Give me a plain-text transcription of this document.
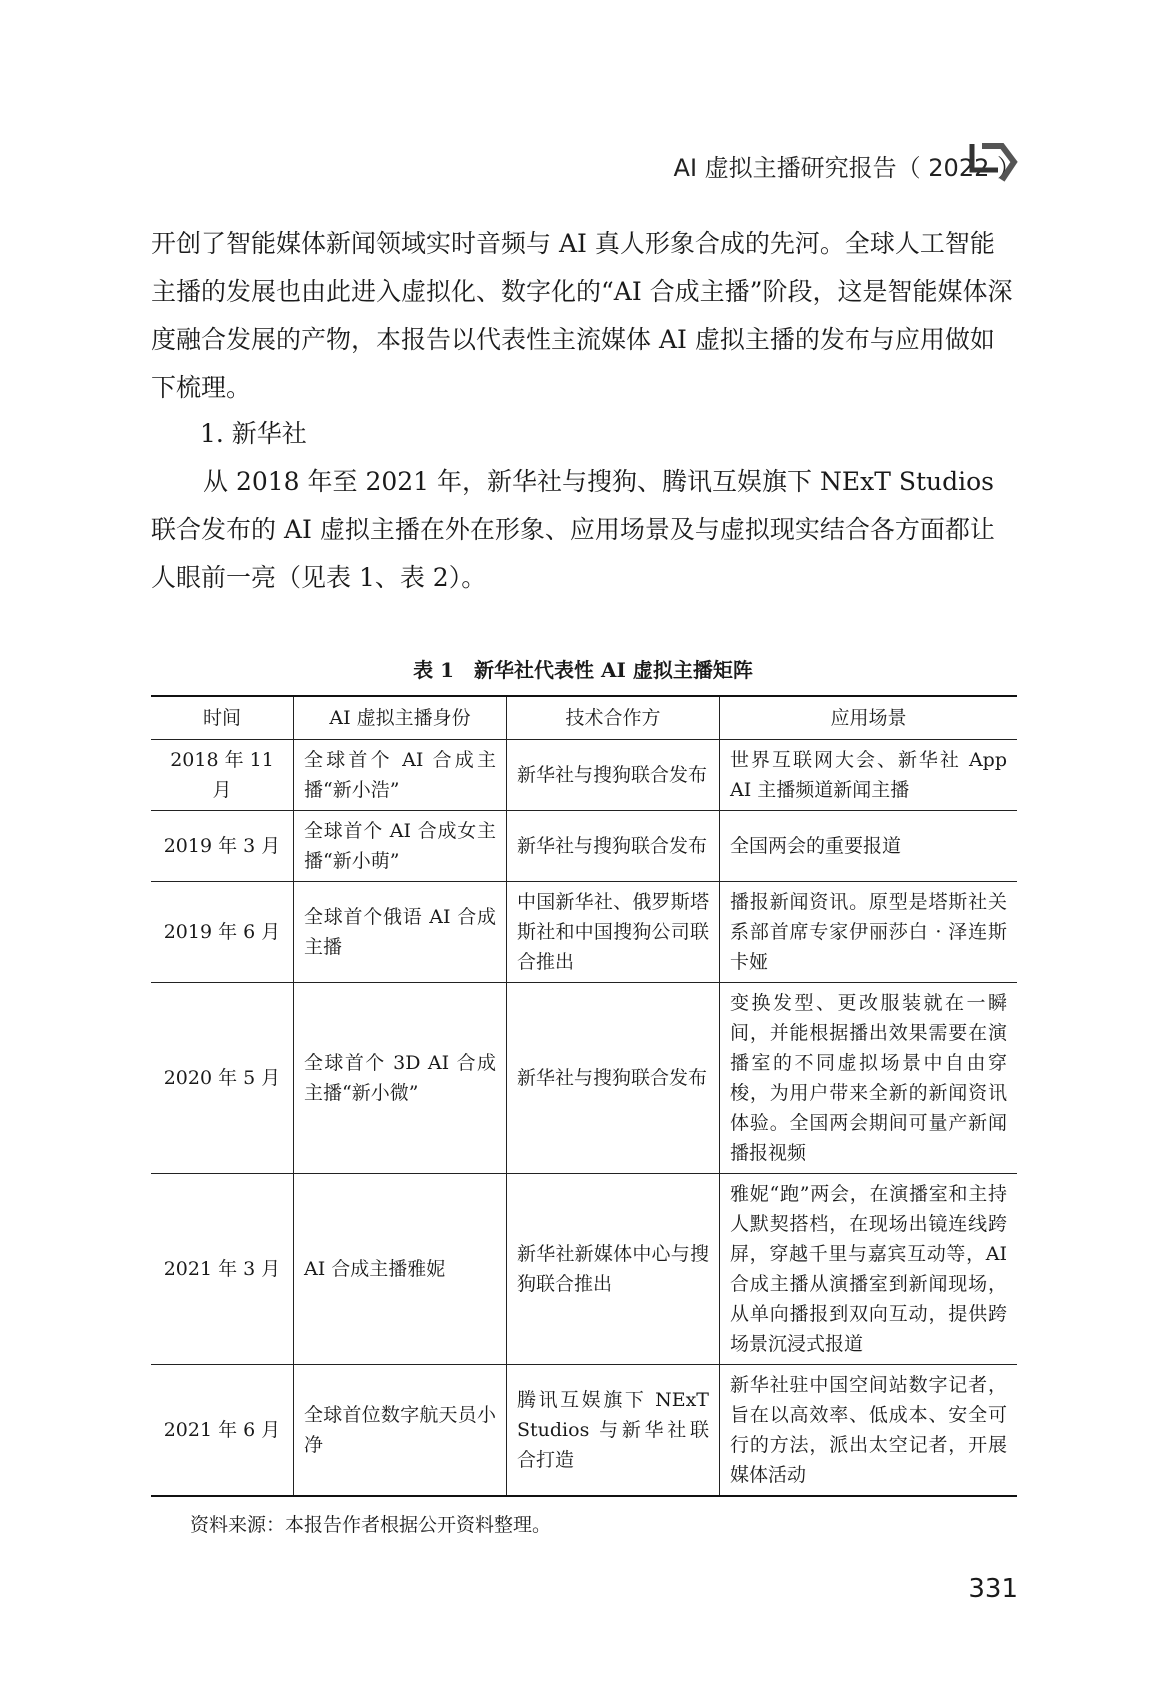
AI 虚拟主播研究报告（ 2022 ）
开创了智能媒体新闻领域实时音频与 AI 真人形象合成的先河。全球人工智能主播的发展也由此进入虚拟化、数字化的“AI 合成主播”阶段，这是智能媒体深度融合发展的产物，本报告以代表性主流媒体 AI 虚拟主播的发布与应用做如下梳理。
1. 新华社
从 2018 年至 2021 年，新华社与搜狗、腾讯互娱旗下 NExT Studios 联合发布的 AI 虚拟主播在外在形象、应用场景及与虚拟现实结合各方面都让人眼前一亮（见表 1、表 2）。
表 1　新华社代表性 AI 虚拟主播矩阵
时间	AI 虚拟主播身份	技术合作方	应用场景
2018 年 11 月	全球首个 AI 合成主播“新小浩”	新华社与搜狗联合发布	世界互联网大会、新华社 App AI 主播频道新闻主播
2019 年 3 月	全球首个 AI 合成女主播“新小萌”	新华社与搜狗联合发布	全国两会的重要报道
2019 年 6 月	全球首个俄语 AI 合成主播	中国新华社、俄罗斯塔斯社和中国搜狗公司联合推出	播报新闻资讯。原型是塔斯社关系部首席专家伊丽莎白 · 泽连斯卡娅
2020 年 5 月	全球首个 3D AI 合成主播“新小微”	新华社与搜狗联合发布	变换发型、更改服装就在一瞬间，并能根据播出效果需要在演播室的不同虚拟场景中自由穿梭，为用户带来全新的新闻资讯体验。全国两会期间可量产新闻播报视频
2021 年 3 月	AI 合成主播雅妮	新华社新媒体中心与搜狗联合推出	雅妮“跑”两会，在演播室和主持人默契搭档，在现场出镜连线跨屏，穿越千里与嘉宾互动等，AI 合成主播从演播室到新闻现场，从单向播报到双向互动，提供跨场景沉浸式报道
2021 年 6 月	全球首位数字航天员小净	腾讯互娱旗下 NExT Studios 与新华社联合打造	新华社驻中国空间站数字记者，旨在以高效率、低成本、安全可行的方法，派出太空记者，开展媒体活动
资料来源：本报告作者根据公开资料整理。
331
